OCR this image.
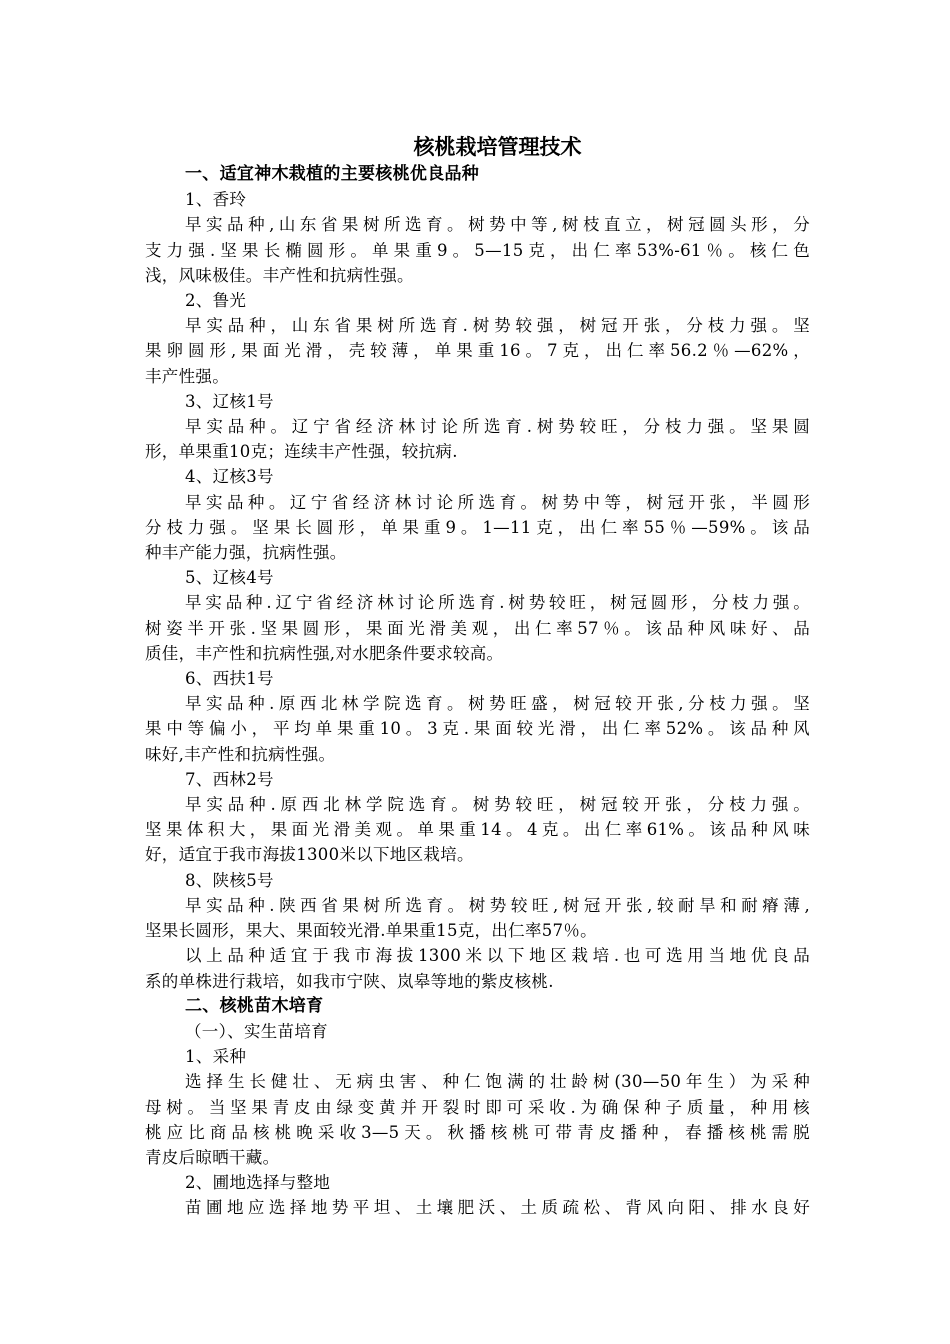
核桃栽培管理技术
一、适宜神木栽植的主要核桃优良品种
1、香玲
早实品种,山东省果树所选育。树势中等,树枝直立，树冠圆头形，分
支力强.坚果长椭圆形。单果重9。5—15克，出仁率53%-61％。核仁色
浅，风味极佳。丰产性和抗病性强。
2、鲁光
早实品种，山东省果树所选育.树势较强，树冠开张，分枝力强。坚
果卵圆形,果面光滑，壳较薄，单果重16。7克，出仁率56.2％—62%，
丰产性强。
3、辽核1号
早实品种。辽宁省经济林讨论所选育.树势较旺，分枝力强。坚果圆
形，单果重10克；连续丰产性强，较抗病.
4、辽核3号
早实品种。辽宁省经济林讨论所选育。树势中等，树冠开张，半圆形
分枝力强。坚果长圆形，单果重9。1—11克，出仁率55％—59%。该品
种丰产能力强，抗病性强。
5、辽核4号
早实品种.辽宁省经济林讨论所选育.树势较旺，树冠圆形，分枝力强。
树姿半开张.坚果圆形，果面光滑美观，出仁率57％。该品种风味好、品
质佳，丰产性和抗病性强,对水肥条件要求较高。
6、西扶1号
早实品种.原西北林学院选育。树势旺盛，树冠较开张,分枝力强。坚
果中等偏小，平均单果重10。3克.果面较光滑，出仁率52%。该品种风
味好,丰产性和抗病性强。
7、西林2号
早实品种.原西北林学院选育。树势较旺，树冠较开张，分枝力强。
坚果体积大，果面光滑美观。单果重14。4克。出仁率61%。该品种风味
好，适宜于我市海拔1300米以下地区栽培。
8、陕核5号
早实品种.陕西省果树所选育。树势较旺,树冠开张,较耐旱和耐瘠薄,
坚果长圆形，果大、果面较光滑.单果重15克，出仁率57％。
以上品种适宜于我市海拔1300米以下地区栽培.也可选用当地优良品
系的单株进行栽培，如我市宁陕、岚皋等地的紫皮核桃.
二、核桃苗木培育
（一）、实生苗培育
1、采种
选择生长健壮、无病虫害、种仁饱满的壮龄树(30—50年生）为采种
母树。当坚果青皮由绿变黄并开裂时即可采收.为确保种子质量，种用核
桃应比商品核桃晚采收3—5天。秋播核桃可带青皮播种，春播核桃需脱
青皮后晾晒干藏。
2、圃地选择与整地
苗圃地应选择地势平坦、土壤肥沃、土质疏松、背风向阳、排水良好
